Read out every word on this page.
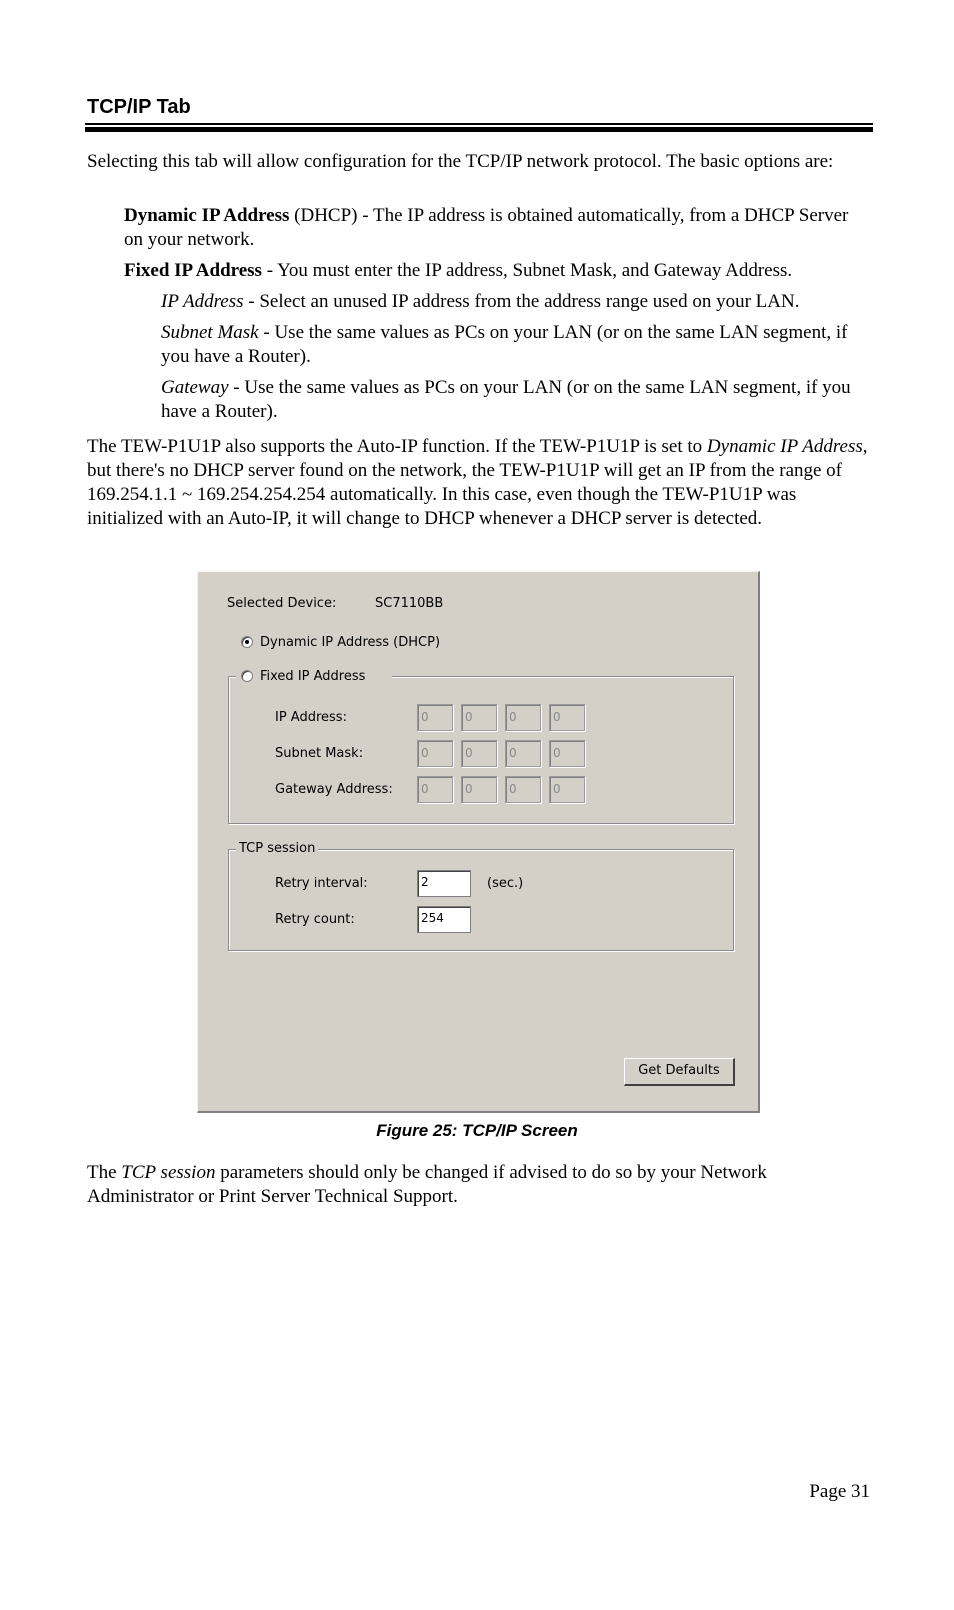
TCP/IP Tab

Selecting this tab will allow configuration for the TCP/IP network protocol. The basic options are:

Dynamic IP Address (DHCP) - The IP address is obtained automatically, from a DHCP Server on your network.

Fixed IP Address - You must enter the IP address, Subnet Mask, and Gateway Address.

IP Address - Select an unused IP address from the address range used on your LAN.

Subnet Mask - Use the same values as PCs on your LAN (or on the same LAN segment, if you have a Router).

Gateway - Use the same values as PCs on your LAN (or on the same LAN segment, if you have a Router).

The TEW-P1U1P also supports the Auto-IP function. If the TEW-P1U1P is set to Dynamic IP Address, but there's no DHCP server found on the network, the TEW-P1U1P will get an IP from the range of 169.254.1.1 ~ 169.254.254.254 automatically. In this case, even though the TEW-P1U1P was initialized with an Auto-IP, it will change to DHCP whenever a DHCP server is detected.

Selected Device:	SC7110BB
Dynamic IP Address (DHCP)
Fixed IP Address
IP Address:	0	0	0	0
Subnet Mask:	0	0	0	0
Gateway Address:	0	0	0	0
TCP session
Retry interval:	2	(sec.)
Retry count:	254
Get Defaults
Figure 25: TCP/IP Screen

The TCP session parameters should only be changed if advised to do so by your Network Administrator or Print Server Technical Support.

Page 31
